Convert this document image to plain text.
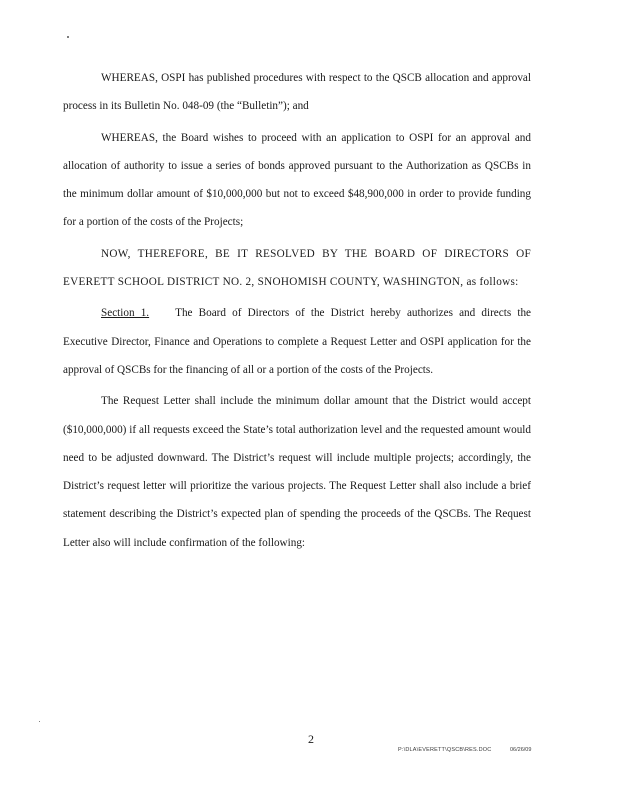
WHEREAS, OSPI has published procedures with respect to the QSCB allocation and approval process in its Bulletin No. 048-09 (the “Bulletin”); and

WHEREAS, the Board wishes to proceed with an application to OSPI for an approval and allocation of authority to issue a series of bonds approved pursuant to the Authorization as QSCBs in the minimum dollar amount of $10,000,000 but not to exceed $48,900,000 in order to provide funding for a portion of the costs of the Projects;

NOW, THEREFORE, BE IT RESOLVED BY THE BOARD OF DIRECTORS OF EVERETT SCHOOL DISTRICT NO. 2, SNOHOMISH COUNTY, WASHINGTON, as follows:

Section 1. The Board of Directors of the District hereby authorizes and directs the Executive Director, Finance and Operations to complete a Request Letter and OSPI application for the approval of QSCBs for the financing of all or a portion of the costs of the Projects.

The Request Letter shall include the minimum dollar amount that the District would accept ($10,000,000) if all requests exceed the State’s total authorization level and the requested amount would need to be adjusted downward. The District’s request will include multiple projects; accordingly, the District’s request letter will prioritize the various projects. The Request Letter shall also include a brief statement describing the District’s expected plan of spending the proceeds of the QSCBs. The Request Letter also will include confirmation of the following:

2
P:\DLA\EVERETT\QSCB\RES.DOC	06/26/09
